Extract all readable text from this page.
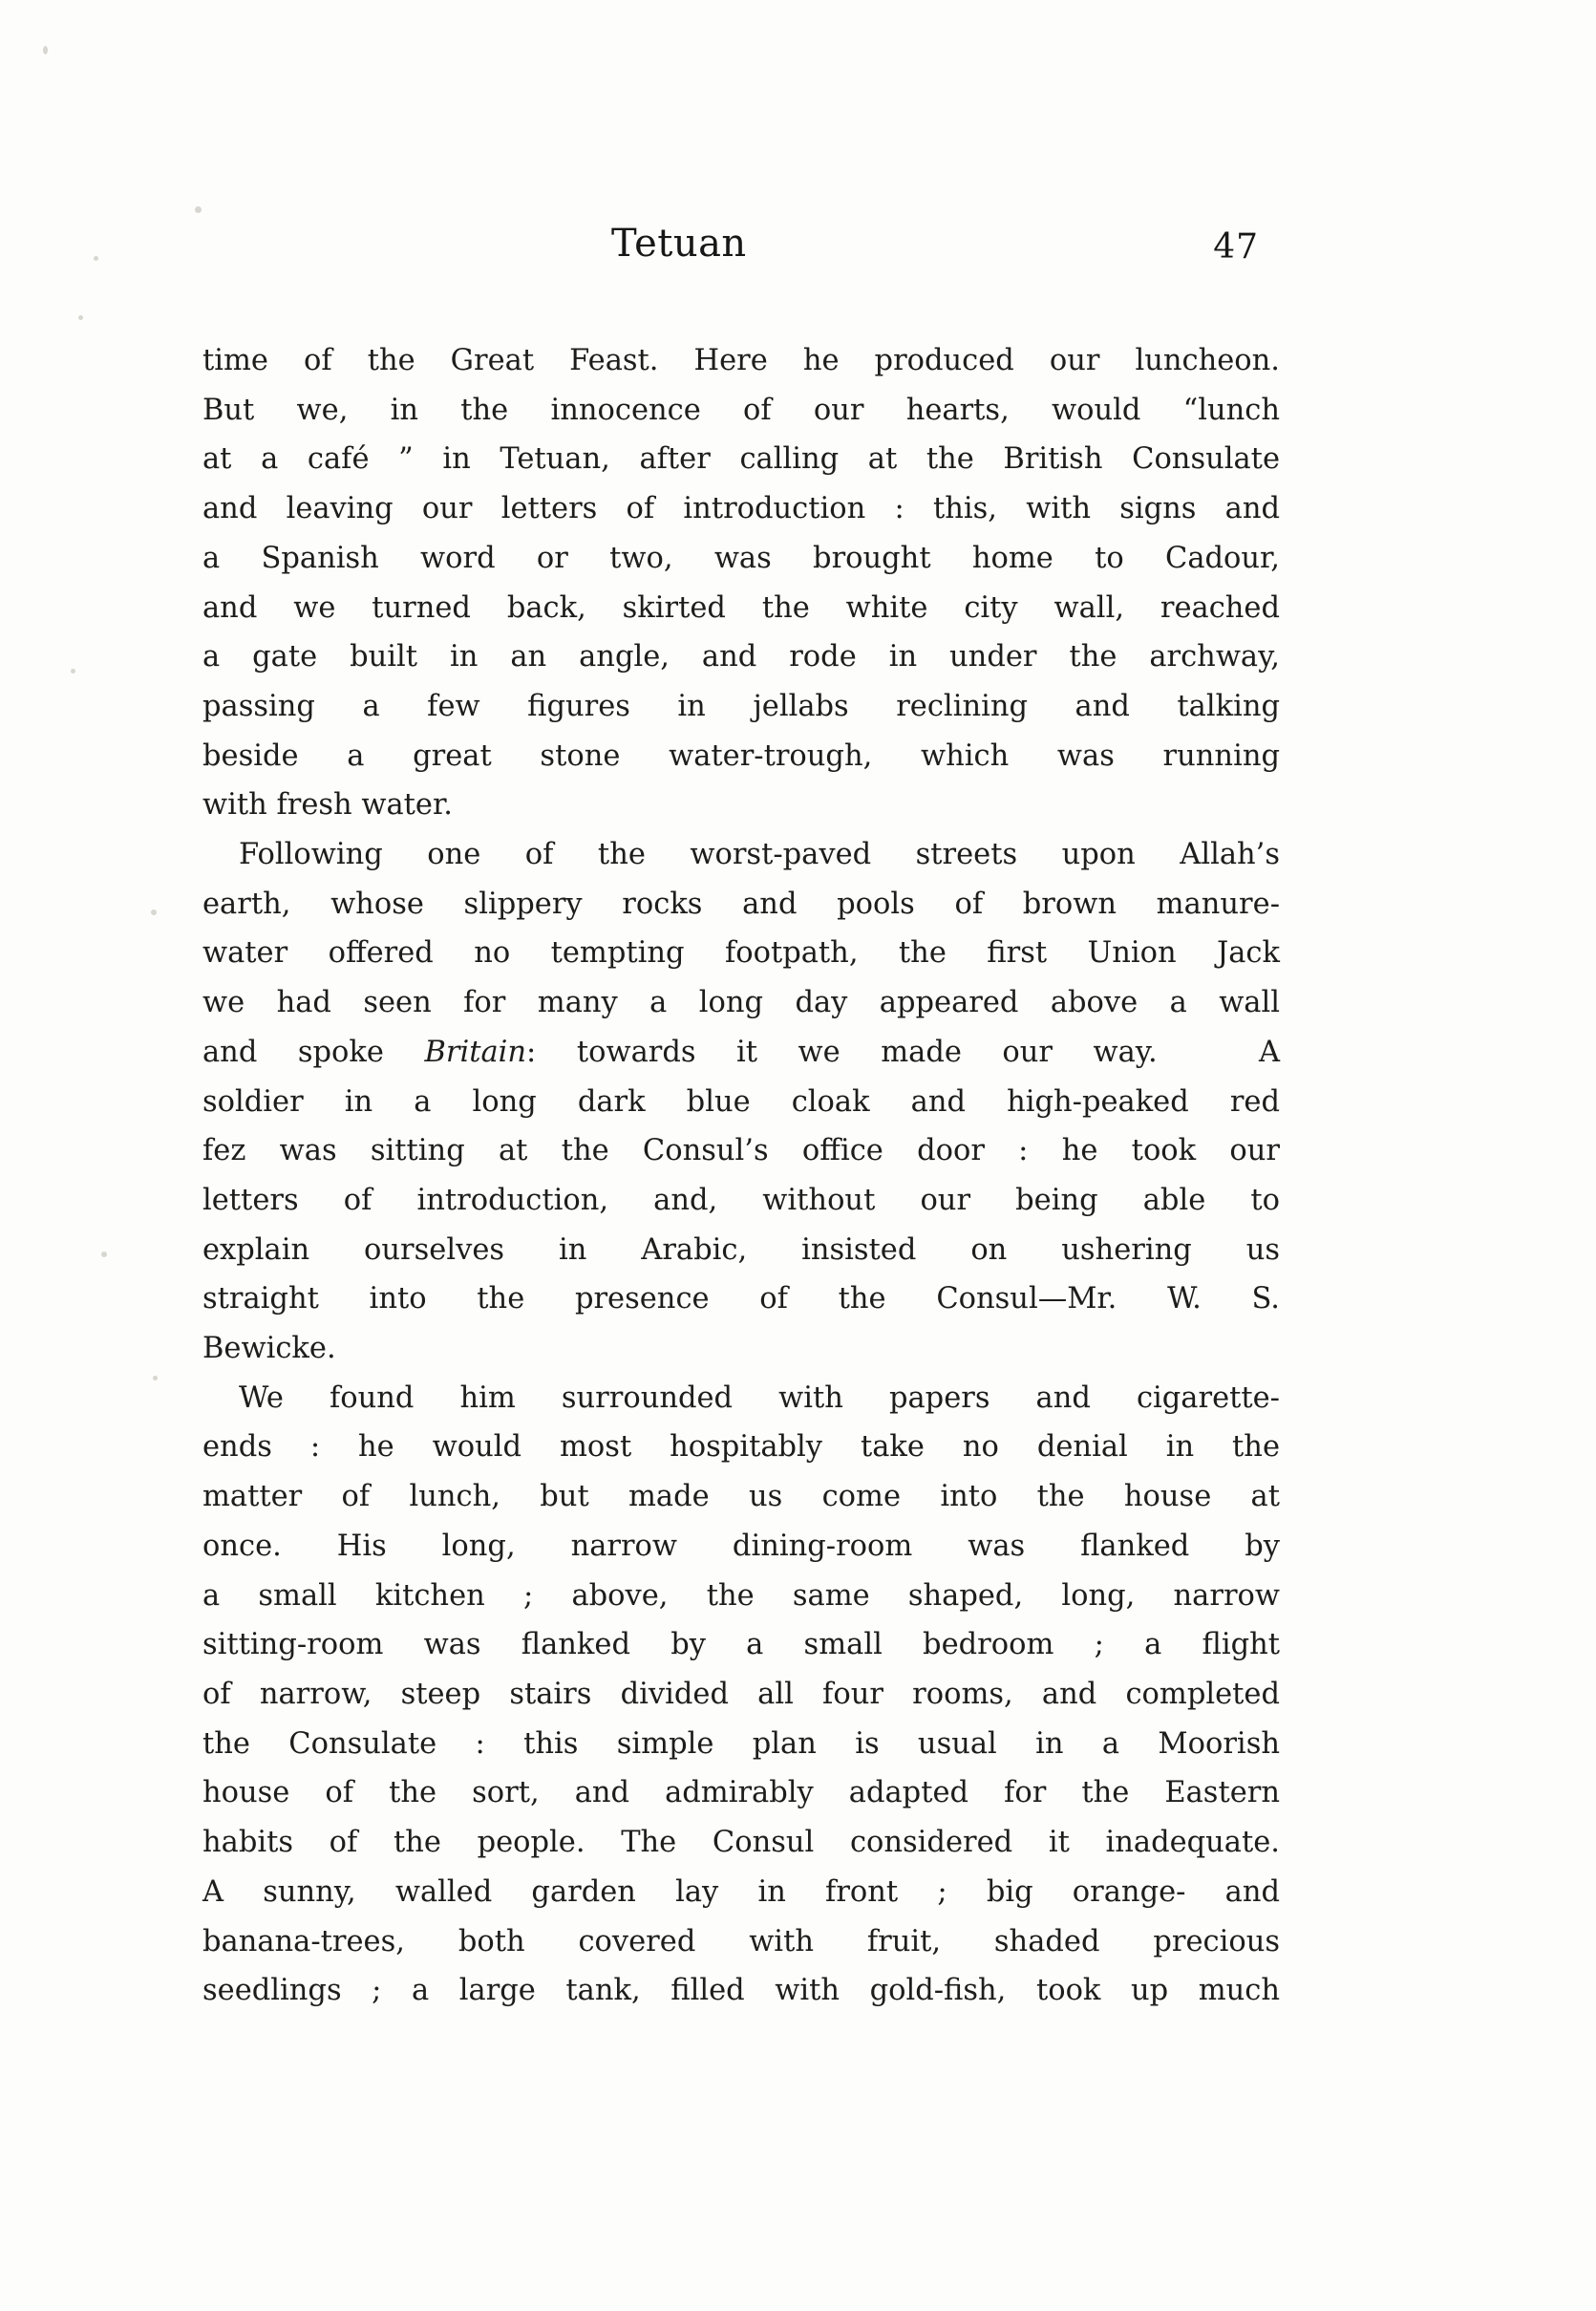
Tetuan	47

time of the Great Feast. Here he produced our luncheon.
But we, in the innocence of our hearts, would “lunch
at a café ” in Tetuan, after calling at the British Consulate
and leaving our letters of introduction : this, with signs and
a Spanish word or two, was brought home to Cadour,
and we turned back, skirted the white city wall, reached
a gate built in an angle, and rode in under the archway,
passing a few figures in jellabs reclining and talking
beside a great stone water-trough, which was running
with fresh water.

Following one of the worst-paved streets upon Allah’s
earth, whose slippery rocks and pools of brown manure-
water offered no tempting footpath, the first Union Jack
we had seen for many a long day appeared above a wall
and  spoke  Britain:  towards  it  we  made  our  way.     A
soldier in a long dark blue cloak and high-peaked red
fez was sitting at the Consul’s office door : he took our
letters of introduction, and, without our being able to
explain ourselves in Arabic, insisted on ushering us
straight into the presence of the Consul—Mr. W. S.
Bewicke.

We found him surrounded with papers and cigarette-
ends : he would most hospitably take no denial in the
matter of lunch, but made us come into the house at
once. His long, narrow dining-room was flanked by
a small kitchen ; above, the same shaped, long, narrow
sitting-room was flanked by a small bedroom ; a flight
of narrow, steep stairs divided all four rooms, and completed
the Consulate : this simple plan is usual in a Moorish
house of the sort, and admirably adapted for the Eastern
habits of the people. The Consul considered it inadequate.
A sunny, walled garden lay in front ; big orange- and
banana-trees, both covered with fruit, shaded precious
seedlings ; a large tank, filled with gold-fish, took up much
